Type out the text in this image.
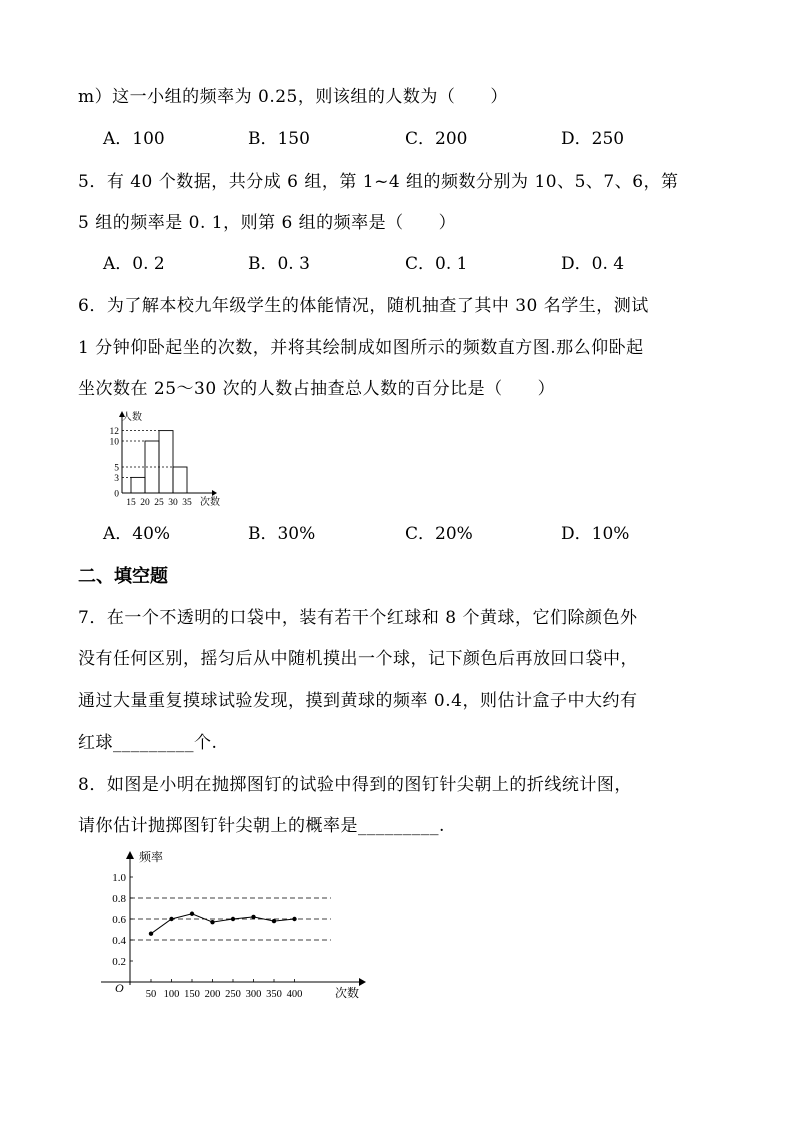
m）这一小组的频率为 0.25，则该组的人数为（　　）
A．100	B．150	C．200	D．250
5．有 40 个数据，共分成 6 组，第 1~4 组的频数分别为 10、5、7、6，第
5 组的频率是 0. 1，则第 6 组的频率是（　　）
A．0. 2	B．0. 3	C．0. 1	D．0. 4
6．为了解本校九年级学生的体能情况，随机抽查了其中 30 名学生，测试
1 分钟仰卧起坐的次数，并将其绘制成如图所示的频数直方图.那么仰卧起
坐次数在 25～30 次的人数占抽查总人数的百分比是（　　）
0
3
5
10
12
15 20 25 30 35
人数
次数
A．40%	B．30%	C．20%	D．10%
二、填空题
7．在一个不透明的口袋中，装有若干个红球和 8 个黄球，它们除颜色外
没有任何区别，摇匀后从中随机摸出一个球，记下颜色后再放回口袋中，
通过大量重复摸球试验发现，摸到黄球的频率 0.4，则估计盒子中大约有
红球_________个.
8．如图是小明在抛掷图钉的试验中得到的图钉针尖朝上的折线统计图，
请你估计抛掷图钉针尖朝上的概率是_________.
0.2
0.4
0.6
0.8
1.0
50 100 150 200 250 300 350 400
频率
次数
O
